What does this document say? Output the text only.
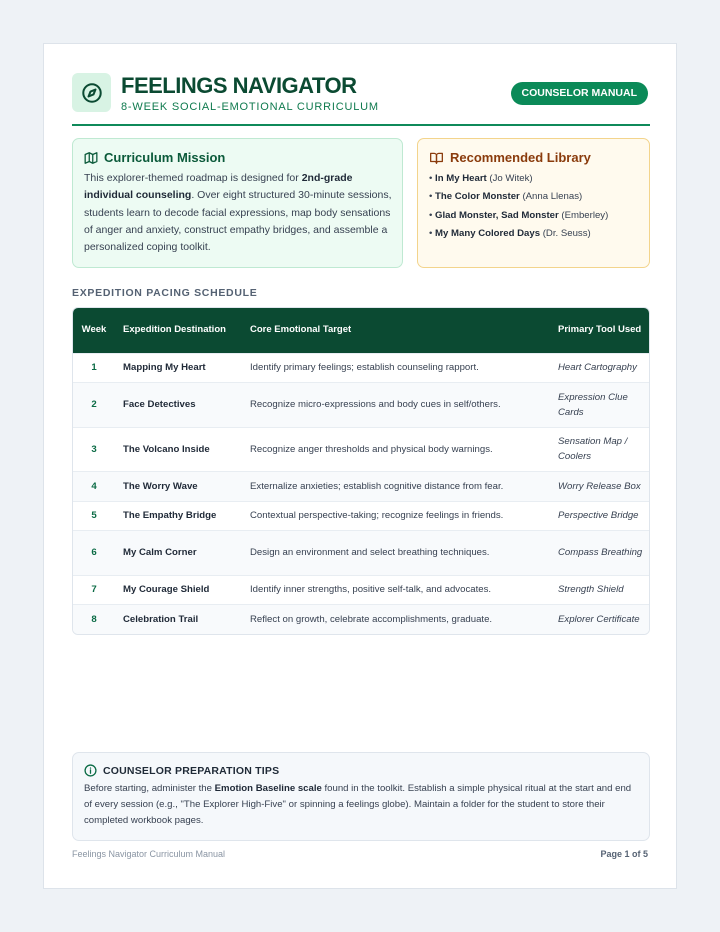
FEELINGS NAVIGATOR
8-WEEK SOCIAL-EMOTIONAL CURRICULUM
COUNSELOR MANUAL
Curriculum Mission

This explorer-themed roadmap is designed for 2nd-grade individual counseling. Over eight structured 30-minute sessions, students learn to decode facial expressions, map body sensations of anger and anxiety, construct empathy bridges, and assemble a personalized coping toolkit.

Recommended Library
• In My Heart (Jo Witek)
• The Color Monster (Anna Llenas)
• Glad Monster, Sad Monster (Emberley)
• My Many Colored Days (Dr. Seuss)
EXPEDITION PACING SCHEDULE
Week	Expedition Destination	Core Emotional Target	Primary Tool Used
1	Mapping My Heart	Identify primary feelings; establish counseling rapport.	Heart Cartography
2	Face Detectives	Recognize micro-expressions and body cues in self/others.	Expression Clue Cards
3	The Volcano Inside	Recognize anger thresholds and physical body warnings.	Sensation Map / Coolers
4	The Worry Wave	Externalize anxieties; establish cognitive distance from fear.	Worry Release Box
5	The Empathy Bridge	Contextual perspective-taking; recognize feelings in friends.	Perspective Bridge
6	My Calm Corner	Design an environment and select breathing techniques.	Compass Breathing
7	My Courage Shield	Identify inner strengths, positive self-talk, and advocates.	Strength Shield
8	Celebration Trail	Reflect on growth, celebrate accomplishments, graduate.	Explorer Certificate
COUNSELOR PREPARATION TIPS

Before starting, administer the Emotion Baseline scale found in the toolkit. Establish a simple physical ritual at the start and end of every session (e.g., "The Explorer High-Five" or spinning a feelings globe). Maintain a folder for the student to store their completed workbook pages.

Feelings Navigator Curriculum Manual	Page 1 of 5
